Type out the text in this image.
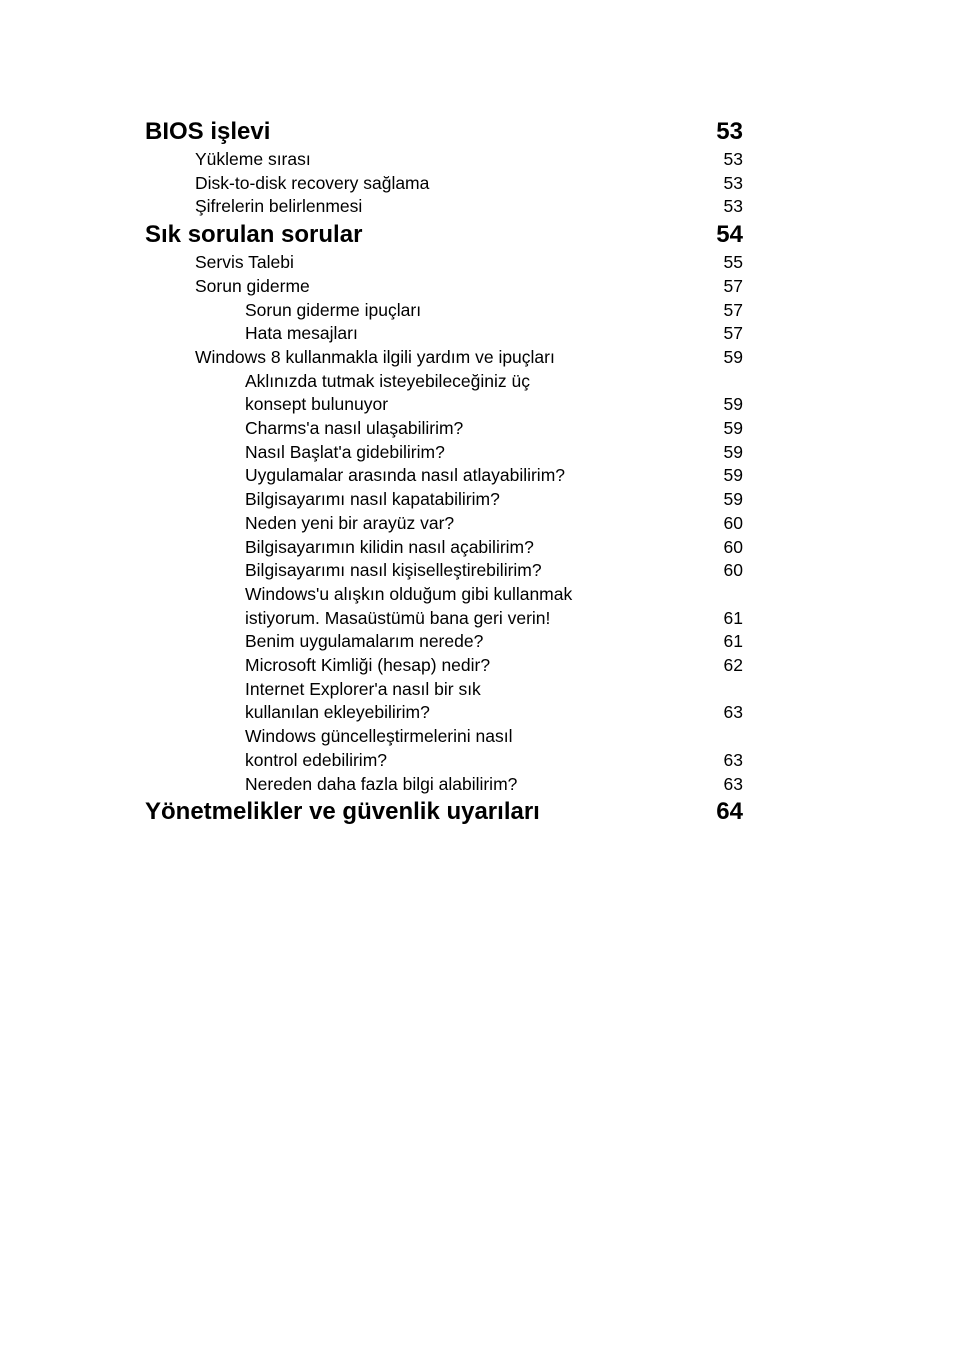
BIOS işlevi	53
Yükleme sırası	53
Disk-to-disk recovery sağlama	53
Şifrelerin belirlenmesi	53
Sık sorulan sorular	54
Servis Talebi	55
Sorun giderme	57
Sorun giderme ipuçları	57
Hata mesajları	57
Windows 8 kullanmakla ilgili yardım ve ipuçları	59
Aklınızda tutmak isteyebileceğiniz üç
konsept bulunuyor	59
Charms'a nasıl ulaşabilirim?	59
Nasıl Başlat'a gidebilirim?	59
Uygulamalar arasında nasıl atlayabilirim?	59
Bilgisayarımı nasıl kapatabilirim?	59
Neden yeni bir arayüz var?	60
Bilgisayarımın kilidin nasıl açabilirim?	60
Bilgisayarımı nasıl kişiselleştirebilirim?	60
Windows'u alışkın olduğum gibi kullanmak
istiyorum. Masaüstümü bana geri verin!	61
Benim uygulamalarım nerede?	61
Microsoft Kimliği (hesap) nedir?	62
Internet Explorer'a nasıl bir sık
kullanılan ekleyebilirim?	63
Windows güncelleştirmelerini nasıl
kontrol edebilirim?	63
Nereden daha fazla bilgi alabilirim?	63
Yönetmelikler ve güvenlik uyarıları	64
